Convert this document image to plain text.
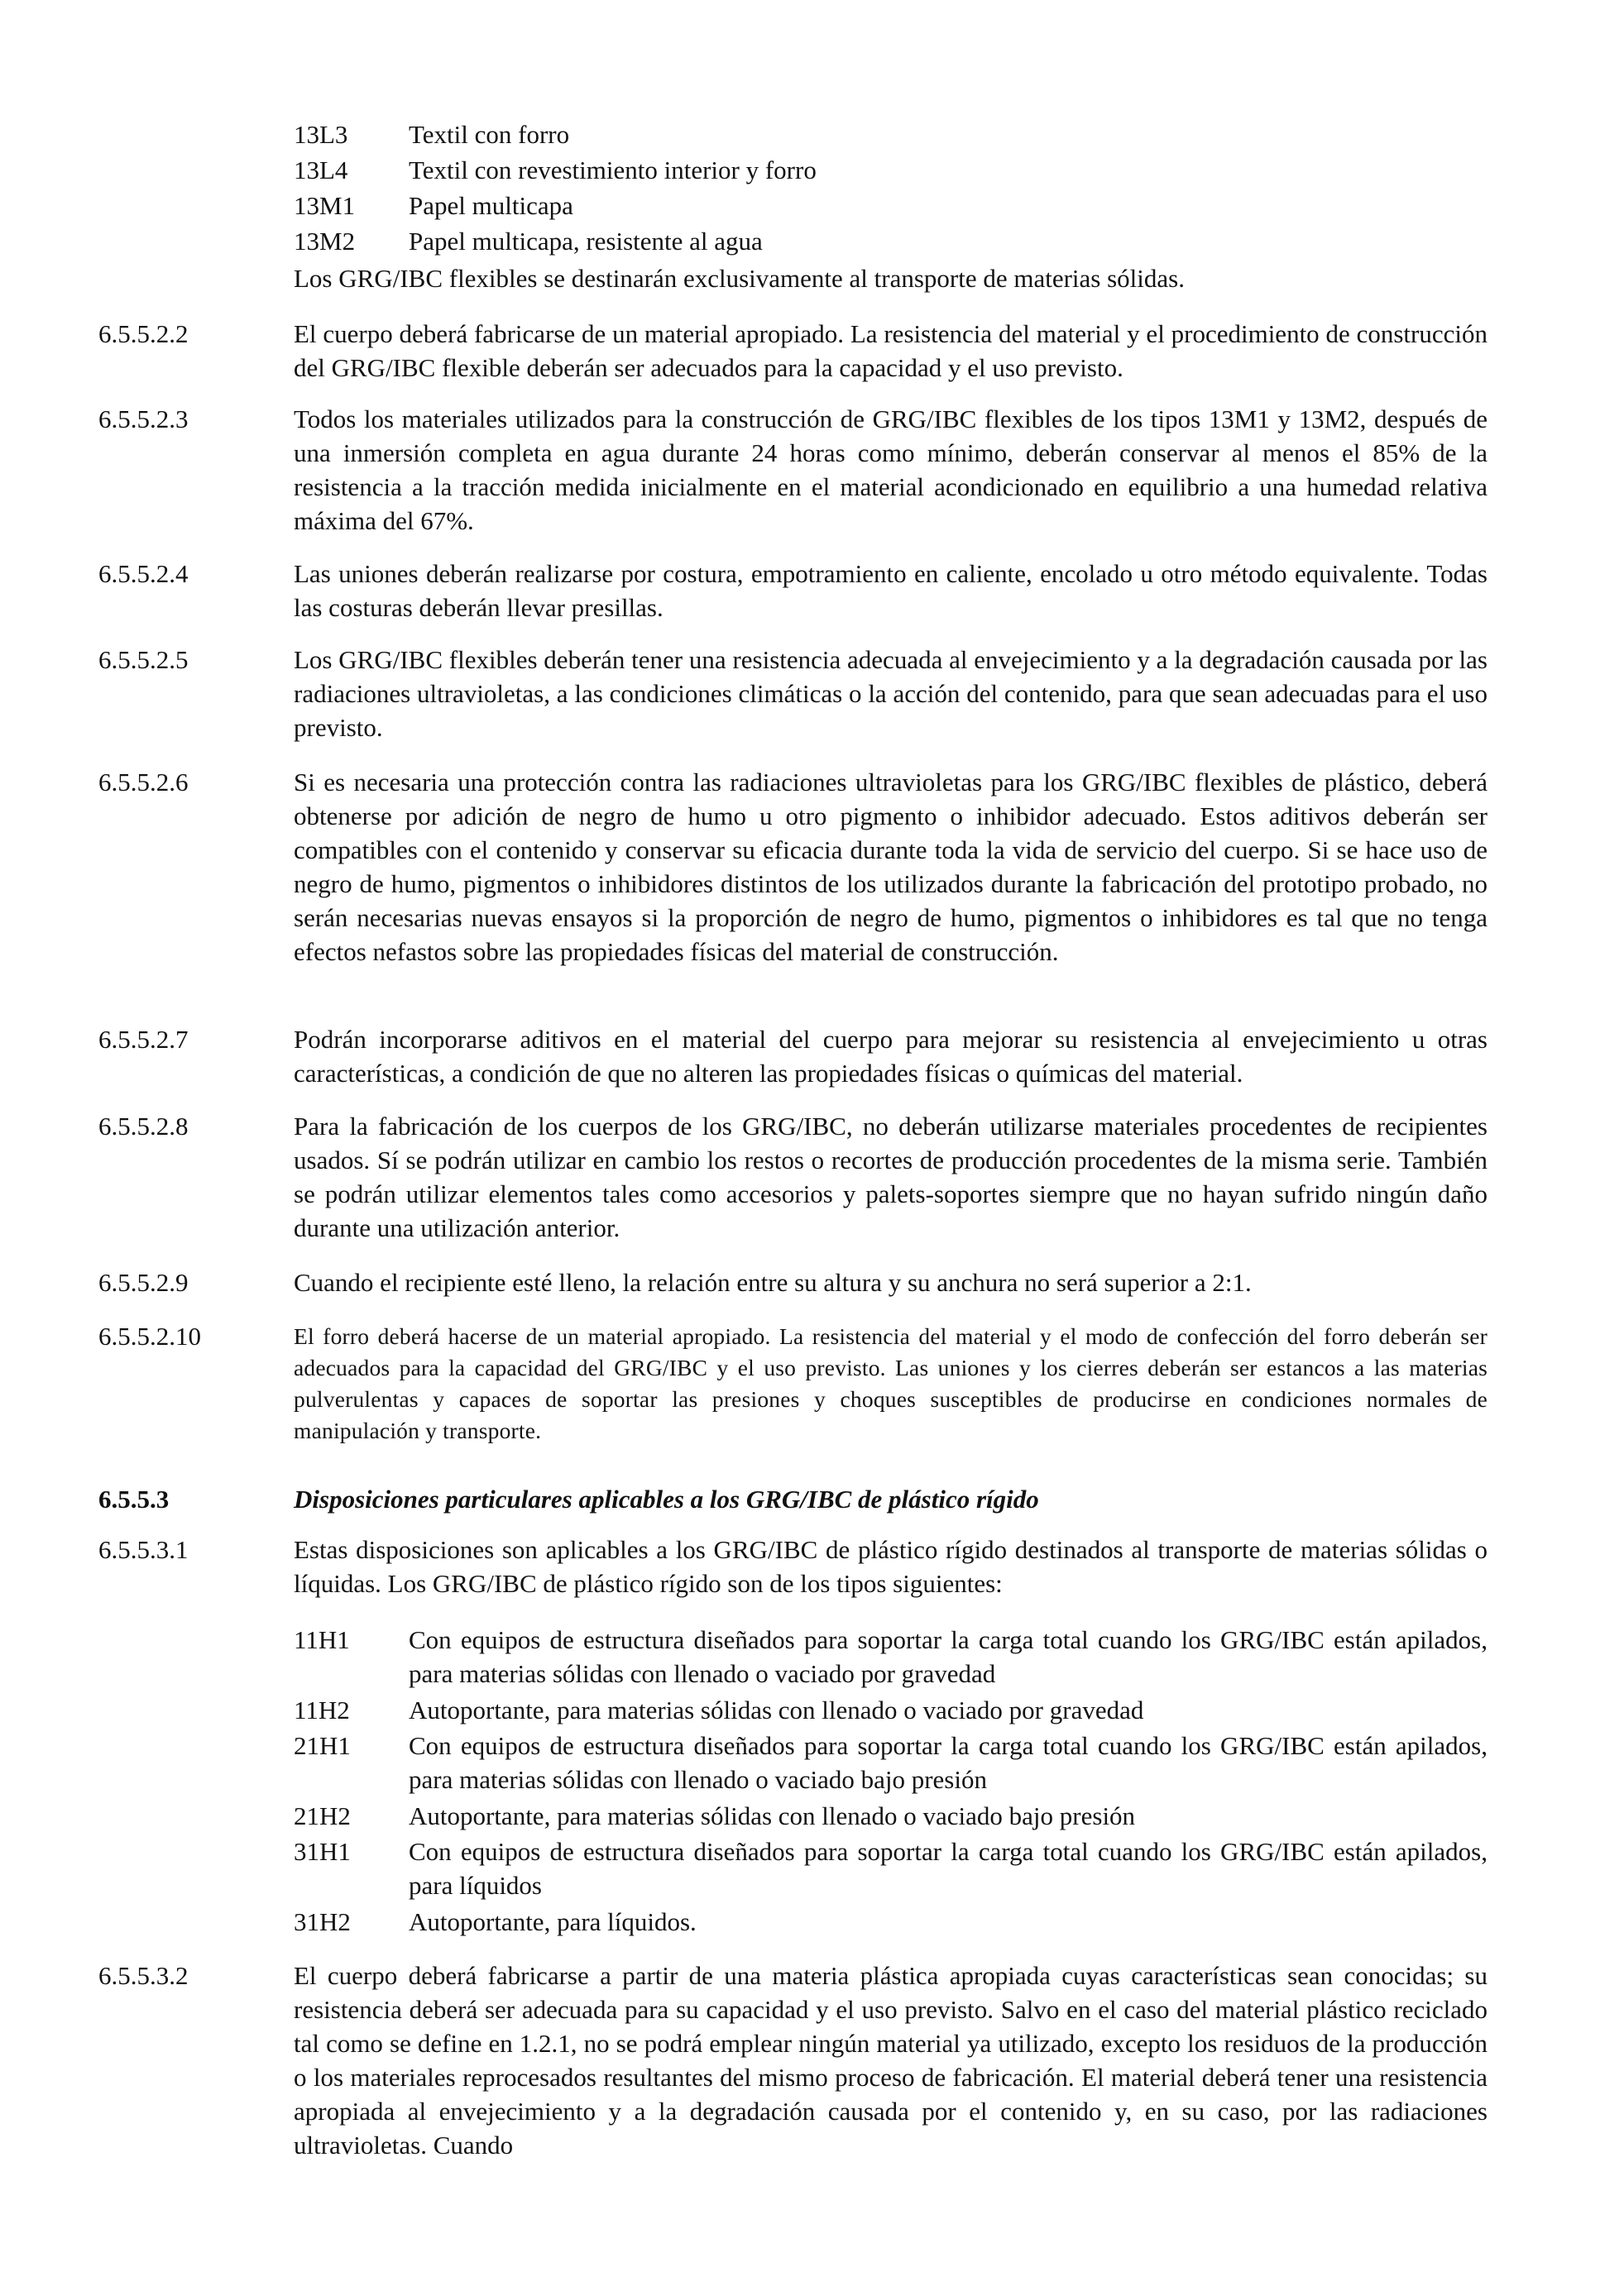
13L3	Textil con forro
13L4	Textil con revestimiento interior y forro
13M1	Papel multicapa
13M2	Papel multicapa, resistente al agua
Los GRG/IBC flexibles se destinarán exclusivamente al transporte de materias sólidas.
6.5.5.2.2	El cuerpo deberá fabricarse de un material apropiado. La resistencia del material y el procedimiento de construcción del GRG/IBC flexible deberán ser adecuados para la capacidad y el uso previsto.
6.5.5.2.3	Todos los materiales utilizados para la construcción de GRG/IBC flexibles de los tipos 13M1 y 13M2, después de una inmersión completa en agua durante 24 horas como mínimo, deberán conservar al menos el 85% de la resistencia a la tracción medida inicialmente en el material acondicionado en equilibrio a una humedad relativa máxima del 67%.
6.5.5.2.4	Las uniones deberán realizarse por costura, empotramiento en caliente, encolado u otro método equivalente. Todas las costuras deberán llevar presillas.
6.5.5.2.5	Los GRG/IBC flexibles deberán tener una resistencia adecuada al envejecimiento y a la degradación causada por las radiaciones ultravioletas, a las condiciones climáticas o la acción del contenido, para que sean adecuadas para el uso previsto.
6.5.5.2.6	Si es necesaria una protección contra las radiaciones ultravioletas para los GRG/IBC flexibles de plástico, deberá obtenerse por adición de negro de humo u otro pigmento o inhibidor adecuado. Estos aditivos deberán ser compatibles con el contenido y conservar su eficacia durante toda la vida de servicio del cuerpo. Si se hace uso de negro de humo, pigmentos o inhibidores distintos de los utilizados durante la fabricación del prototipo probado, no serán necesarias nuevas ensayos si la proporción de negro de humo, pigmentos o inhibidores es tal que no tenga efectos nefastos sobre las propiedades físicas del material de construcción.
6.5.5.2.7	Podrán incorporarse aditivos en el material del cuerpo para mejorar su resistencia al envejecimiento u otras características, a condición de que no alteren las propiedades físicas o químicas del material.
6.5.5.2.8	Para la fabricación de los cuerpos de los GRG/IBC, no deberán utilizarse materiales procedentes de recipientes usados. Sí se podrán utilizar en cambio los restos o recortes de producción procedentes de la misma serie. También se podrán utilizar elementos tales como accesorios y palets-soportes siempre que no hayan sufrido ningún daño durante una utilización anterior.
6.5.5.2.9	Cuando el recipiente esté lleno, la relación entre su altura y su anchura no será superior a 2:1.
6.5.5.2.10	El forro deberá hacerse de un material apropiado. La resistencia del material y el modo de confección del forro deberán ser adecuados para la capacidad del GRG/IBC y el uso previsto. Las uniones y los cierres deberán ser estancos a las materias pulverulentas y capaces de soportar las presiones y choques susceptibles de producirse en condiciones normales de manipulación y transporte.
6.5.5.3	Disposiciones particulares aplicables a los GRG/IBC de plástico rígido
6.5.5.3.1	Estas disposiciones son aplicables a los GRG/IBC de plástico rígido destinados al transporte de materias sólidas o líquidas. Los GRG/IBC de plástico rígido son de los tipos siguientes:
11H1	Con equipos de estructura diseñados para soportar la carga total cuando los GRG/IBC están apilados, para materias sólidas con llenado o vaciado por gravedad
11H2	Autoportante, para materias sólidas con llenado o vaciado por gravedad
21H1	Con equipos de estructura diseñados para soportar la carga total cuando los GRG/IBC están apilados, para materias sólidas con llenado o vaciado bajo presión
21H2	Autoportante, para materias sólidas con llenado o vaciado bajo presión
31H1	Con equipos de estructura diseñados para soportar la carga total cuando los GRG/IBC están apilados, para líquidos
31H2	Autoportante, para líquidos.
6.5.5.3.2	El cuerpo deberá fabricarse a partir de una materia plástica apropiada cuyas características sean conocidas; su resistencia deberá ser adecuada para su capacidad y el uso previsto. Salvo en el caso del material plástico reciclado tal como se define en 1.2.1, no se podrá emplear ningún material ya utilizado, excepto los residuos de la producción o los materiales reprocesados resultantes del mismo proceso de fabricación. El material deberá tener una resistencia apropiada al envejecimiento y a la degradación causada por el contenido y, en su caso, por las radiaciones ultravioletas. Cuando
